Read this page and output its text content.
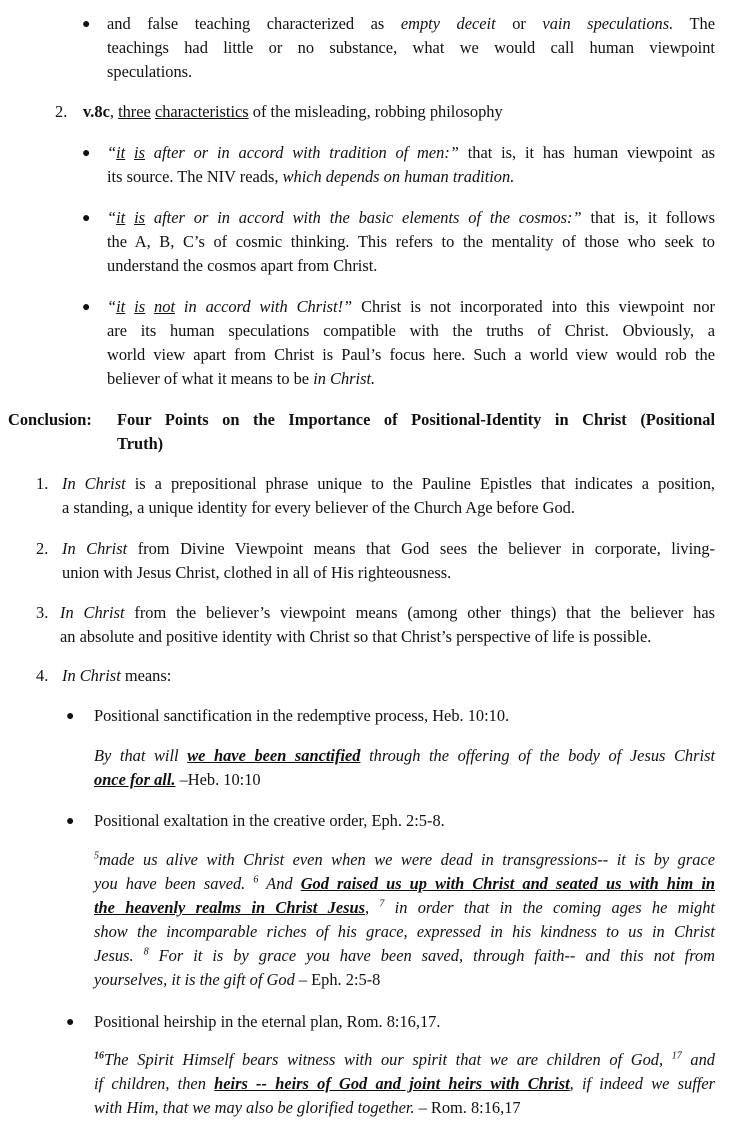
● and false teaching characterized as empty deceit or vain speculations. The
teachings had little or no substance, what we would call human viewpoint
speculations.
2. v.8c, three characteristics of the misleading, robbing philosophy
● “it is after or in accord with tradition of men:” that is, it has human viewpoint as
its source. The NIV reads, which depends on human tradition.
● “it is after or in accord with the basic elements of the cosmos:” that is, it follows
the A, B, C’s of cosmic thinking. This refers to the mentality of those who seek to
understand the cosmos apart from Christ.
● “it is not in accord with Christ!” Christ is not incorporated into this viewpoint nor
are its human speculations compatible with the truths of Christ. Obviously, a
world view apart from Christ is Paul’s focus here. Such a world view would rob the
believer of what it means to be in Christ.
Conclusion: Four Points on the Importance of Positional-Identity in Christ (Positional
Truth)
1. In Christ is a prepositional phrase unique to the Pauline Epistles that indicates a position,
a standing, a unique identity for every believer of the Church Age before God.
2. In Christ from Divine Viewpoint means that God sees the believer in corporate, living-
union with Jesus Christ, clothed in all of His righteousness.
3. In Christ from the believer’s viewpoint means (among other things) that the believer has
an absolute and positive identity with Christ so that Christ’s perspective of life is possible.
4. In Christ means:
● Positional sanctification in the redemptive process, Heb. 10:10.
By that will we have been sanctified through the offering of the body of Jesus Christ
once for all. –Heb. 10:10
● Positional exaltation in the creative order, Eph. 2:5-8.
$^5$made us alive with Christ even when we were dead in transgressions-- it is by grace
you have been saved. $^6$ And God raised us up with Christ and seated us with him in
the heavenly realms in Christ Jesus, $^7$ in order that in the coming ages he might
show the incomparable riches of his grace, expressed in his kindness to us in Christ
Jesus. $^8$ For it is by grace you have been saved, through faith-- and this not from
yourselves, it is the gift of God – Eph. 2:5-8
● Positional heirship in the eternal plan, Rom. 8:16,17.
$^{16}$The Spirit Himself bears witness with our spirit that we are children of God, $^{17}$ and
if children, then heirs -- heirs of God and joint heirs with Christ, if indeed we suffer
with Him, that we may also be glorified together. – Rom. 8:16,17
